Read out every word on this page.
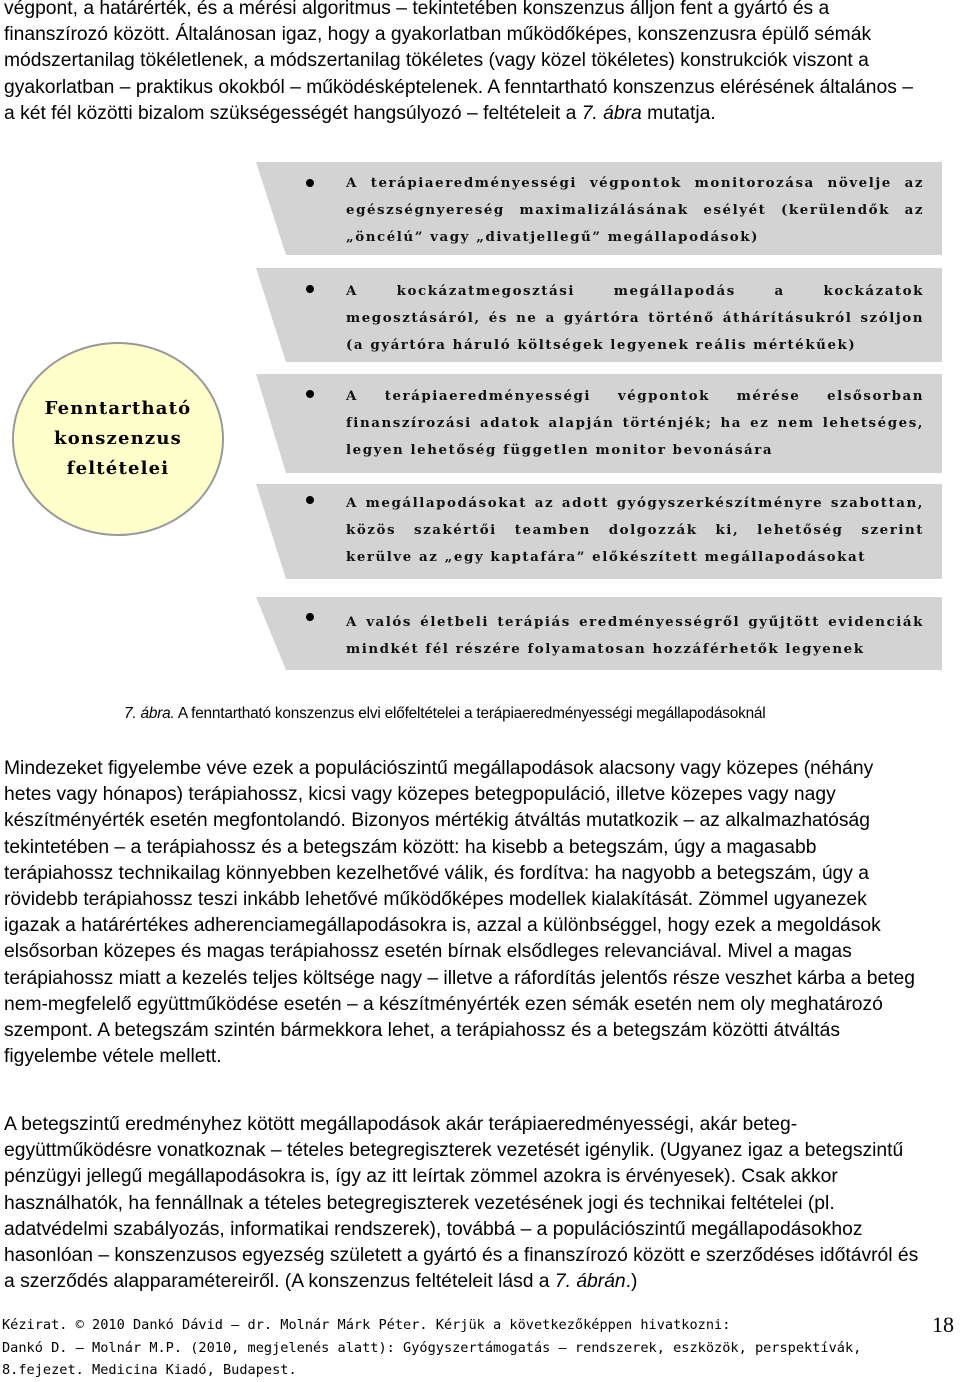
végpont, a határérték, és a mérési algoritmus – tekintetében konszenzus álljon fent a gyártó és a
finanszírozó között. Általánosan igaz, hogy a gyakorlatban működőképes, konszenzusra épülő sémák
módszertanilag tökéletlenek, a módszertanilag tökéletes (vagy közel tökéletes) konstrukciók viszont a
gyakorlatban – praktikus okokból – működésképtelenek. A fenntartható konszenzus elérésének általános –
a két fél közötti bizalom szükségességét hangsúlyozó – feltételeit a 7. ábra mutatja.
A terápiaeredményességi végpontok monitorozása növelje az egészségnyereség maximalizálásának esélyét (kerülendők az „öncélú” vagy „divatjellegű” megállapodások)
A kockázatmegosztási megállapodás a kockázatok megosztásáról, és ne a gyártóra történő áthárításukról szóljon (a gyártóra háruló költségek legyenek reális mértékűek)
A terápiaeredményességi végpontok mérése elsősorban finanszírozási adatok alapján történjék; ha ez nem lehetséges, legyen lehetőség független monitor bevonására
A megállapodásokat az adott gyógyszerkészítményre szabottan, közös szakértői teamben dolgozzák ki, lehetőség szerint kerülve az „egy kaptafára” előkészített megállapodásokat
A valós életbeli terápiás eredményességről gyűjtött evidenciák mindkét fél részére folyamatosan hozzáférhetők legyenek
Fenntartható
konszenzus
feltételei
7. ábra. A fenntartható konszenzus elvi előfeltételei a terápiaeredményességi megállapodásoknál
Mindezeket figyelembe véve ezek a populációszintű megállapodások alacsony vagy közepes (néhány
hetes vagy hónapos) terápiahossz, kicsi vagy közepes betegpopuláció, illetve közepes vagy nagy
készítményérték esetén megfontolandó. Bizonyos mértékig átváltás mutatkozik – az alkalmazhatóság
tekintetében – a terápiahossz és a betegszám között: ha kisebb a betegszám, úgy a magasabb
terápiahossz technikailag könnyebben kezelhetővé válik, és fordítva: ha nagyobb a betegszám, úgy a
rövidebb terápiahossz teszi inkább lehetővé működőképes modellek kialakítását. Zömmel ugyanezek
igazak a határértékes adherenciamegállapodásokra is, azzal a különbséggel, hogy ezek a megoldások
elsősorban közepes és magas terápiahossz esetén bírnak elsődleges relevanciával. Mivel a magas
terápiahossz miatt a kezelés teljes költsége nagy – illetve a ráfordítás jelentős része veszhet kárba a beteg
nem-megfelelő együttműködése esetén – a készítményérték ezen sémák esetén nem oly meghatározó
szempont. A betegszám szintén bármekkora lehet, a terápiahossz és a betegszám közötti átváltás
figyelembe vétele mellett.
A betegszintű eredményhez kötött megállapodások akár terápiaeredményességi, akár beteg-
együttműködésre vonatkoznak – tételes betegregiszterek vezetését igénylik. (Ugyanez igaz a betegszintű
pénzügyi jellegű megállapodásokra is, így az itt leírtak zömmel azokra is érvényesek). Csak akkor
használhatók, ha fennállnak a tételes betegregiszterek vezetésének jogi és technikai feltételei (pl.
adatvédelmi szabályozás, informatikai rendszerek), továbbá – a populációszintű megállapodásokhoz
hasonlóan – konszenzusos egyezség született a gyártó és a finanszírozó között e szerződéses időtávról és
a szerződés alapparamétereiről. (A konszenzus feltételeit lásd a 7. ábrán.)
Kézirat. © 2010 Dankó Dávid – dr. Molnár Márk Péter. Kérjük a következőképpen hivatkozni:
Dankó D. – Molnár M.P. (2010, megjelenés alatt): Gyógyszertámogatás – rendszerek, eszközök, perspektívák,
8.fejezet. Medicina Kiadó, Budapest.
18
